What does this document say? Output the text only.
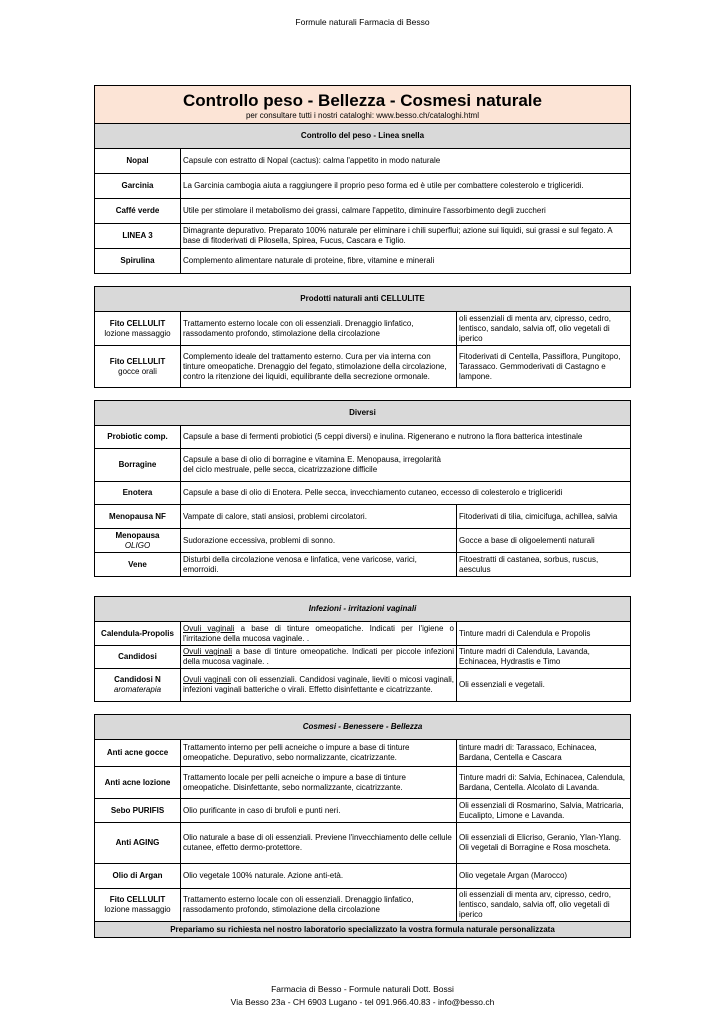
Formule naturali Farmacia di Besso
Controllo peso - Bellezza - Cosmesi naturale
per consultare tutti i nostri cataloghi: www.besso.ch/cataloghi.html	

Controllo del peso - Linea snella	
Nopal	Capsule con estratto di Nopal (cactus): calma l'appetito in modo naturale
Garcinia	La Garcinia cambogia aiuta a raggiungere il proprio peso forma ed è utile per combattere colesterolo e trigliceridi.
Caffé verde	Utile per stimolare il metabolismo dei grassi, calmare l'appetito, diminuire l'assorbimento degli zuccheri
LINEA 3	Dimagrante depurativo. Preparato 100% naturale per eliminare i chili superflui; azione sui liquidi, sui grassi e sul fegato. A base di fitoderivati di Pilosella, Spirea, Fucus, Cascara e Tiglio.
Spirulina	Complemento alimentare naturale di proteine, fibre, vitamine e minerali
Prodotti naturali anti CELLULITE		
Fito CELLULIT
lozione massaggio	Trattamento esterno locale con oli essenziali. Drenaggio linfatico, rassodamento profondo, stimolazione della circolazione	oli essenziali di menta arv, cipresso, cedro, lentisco, sandalo, salvia off, olio vegetali di iperico
Fito CELLULIT
gocce orali	Complemento ideale del trattamento esterno. Cura per via interna con tinture omeopatiche. Drenaggio del fegato, stimolazione della circolazione, contro la ritenzione dei liquidi, equilibrante della secrezione ormonale.	Fitoderivati di Centella, Passiflora, Pungitopo, Tarassaco. Gemmoderivati di Castagno e lampone.
Diversi		
Probiotic comp.	Capsule a base di fermenti probiotici (5 ceppi diversi) e inulina. Rigenerano e nutrono la flora batterica intestinale	
Borragine	Capsule a base di olio di borragine e vitamina E. Menopausa, irregolarità del ciclo mestruale, pelle secca, cicatrizzazione difficile	

Enotera	Capsule a base di olio di Enotera. Pelle secca, invecchiamento cutaneo, eccesso di colesterolo e trigliceridi	
Menopausa NF	Vampate di calore, stati ansiosi, problemi circolatori.	Fitoderivati di tilia, cimicifuga, achillea, salvia
Menopausa
OLIGO	Sudorazione eccessiva, problemi di sonno.	Gocce a base di oligoelementi naturali
Vene	Disturbi della circolazione venosa e linfatica, vene varicose, varici, emorroidi.	Fitoestratti di castanea, sorbus, ruscus, aesculus
Infezioni - irritazioni vaginali		
Calendula-Propolis	Ovuli vaginali a base di tinture omeopatiche. Indicati per l'igiene o l'irritazione della mucosa vaginale. .	Tinture madri di Calendula e Propolis
Candidosi	Ovuli vaginali a base di tinture omeopatiche. Indicati per piccole infezioni della mucosa vaginale. .	Tinture madri di Calendula, Lavanda, Echinacea, Hydrastis e Timo
Candidosi N
aromaterapia	Ovuli vaginali con oli essenziali. Candidosi vaginale, lieviti o micosi vaginali, infezioni vaginali batteriche o virali. Effetto disinfettante e cicatrizzante.	Oli essenziali e vegetali.
Cosmesi - Benessere - Bellezza		
Anti acne gocce	Trattamento interno per pelli acneiche o impure a base di tinture omeopatiche. Depurativo, sebo normalizzante, cicatrizzante.	tinture madri di: Tarassaco, Echinacea, Bardana, Centella e Cascara
Anti acne lozione	Trattamento locale per pelli acneiche o impure a base di tinture omeopatiche. Disinfettante, sebo normalizzante, cicatrizzante.	Tinture madri di: Salvia, Echinacea, Calendula, Bardana, Centella. Alcolato di Lavanda.
Sebo PURIFIS	Olio purificante in caso di brufoli e punti neri.	Oli essenziali di Rosmarino, Salvia, Matricaria, Eucalipto, Limone e Lavanda.
Anti AGING	Olio naturale a base di oli essenziali. Previene l'invecchiamento delle cellule cutanee, effetto dermo-protettore.	Oli essenziali di Elicriso, Geranio, Ylan-Ylang. Oli vegetali di Borragine e Rosa moscheta.
Olio di Argan	Olio vegetale 100% naturale. Azione anti-età.	Olio vegetale Argan (Marocco)
Fito CELLULIT
lozione massaggio	Trattamento esterno locale con oli essenziali. Drenaggio linfatico, rassodamento profondo, stimolazione della circolazione	oli essenziali di menta arv, cipresso, cedro, lentisco, sandalo, salvia off, olio vegetali di iperico
Prepariamo su richiesta nel nostro laboratorio specializzato la vostra formula naturale personalizzata		
Farmacia di Besso - Formule naturali Dott. Bossi
Via Besso 23a - CH 6903 Lugano - tel 091.966.40.83 - info@besso.ch
